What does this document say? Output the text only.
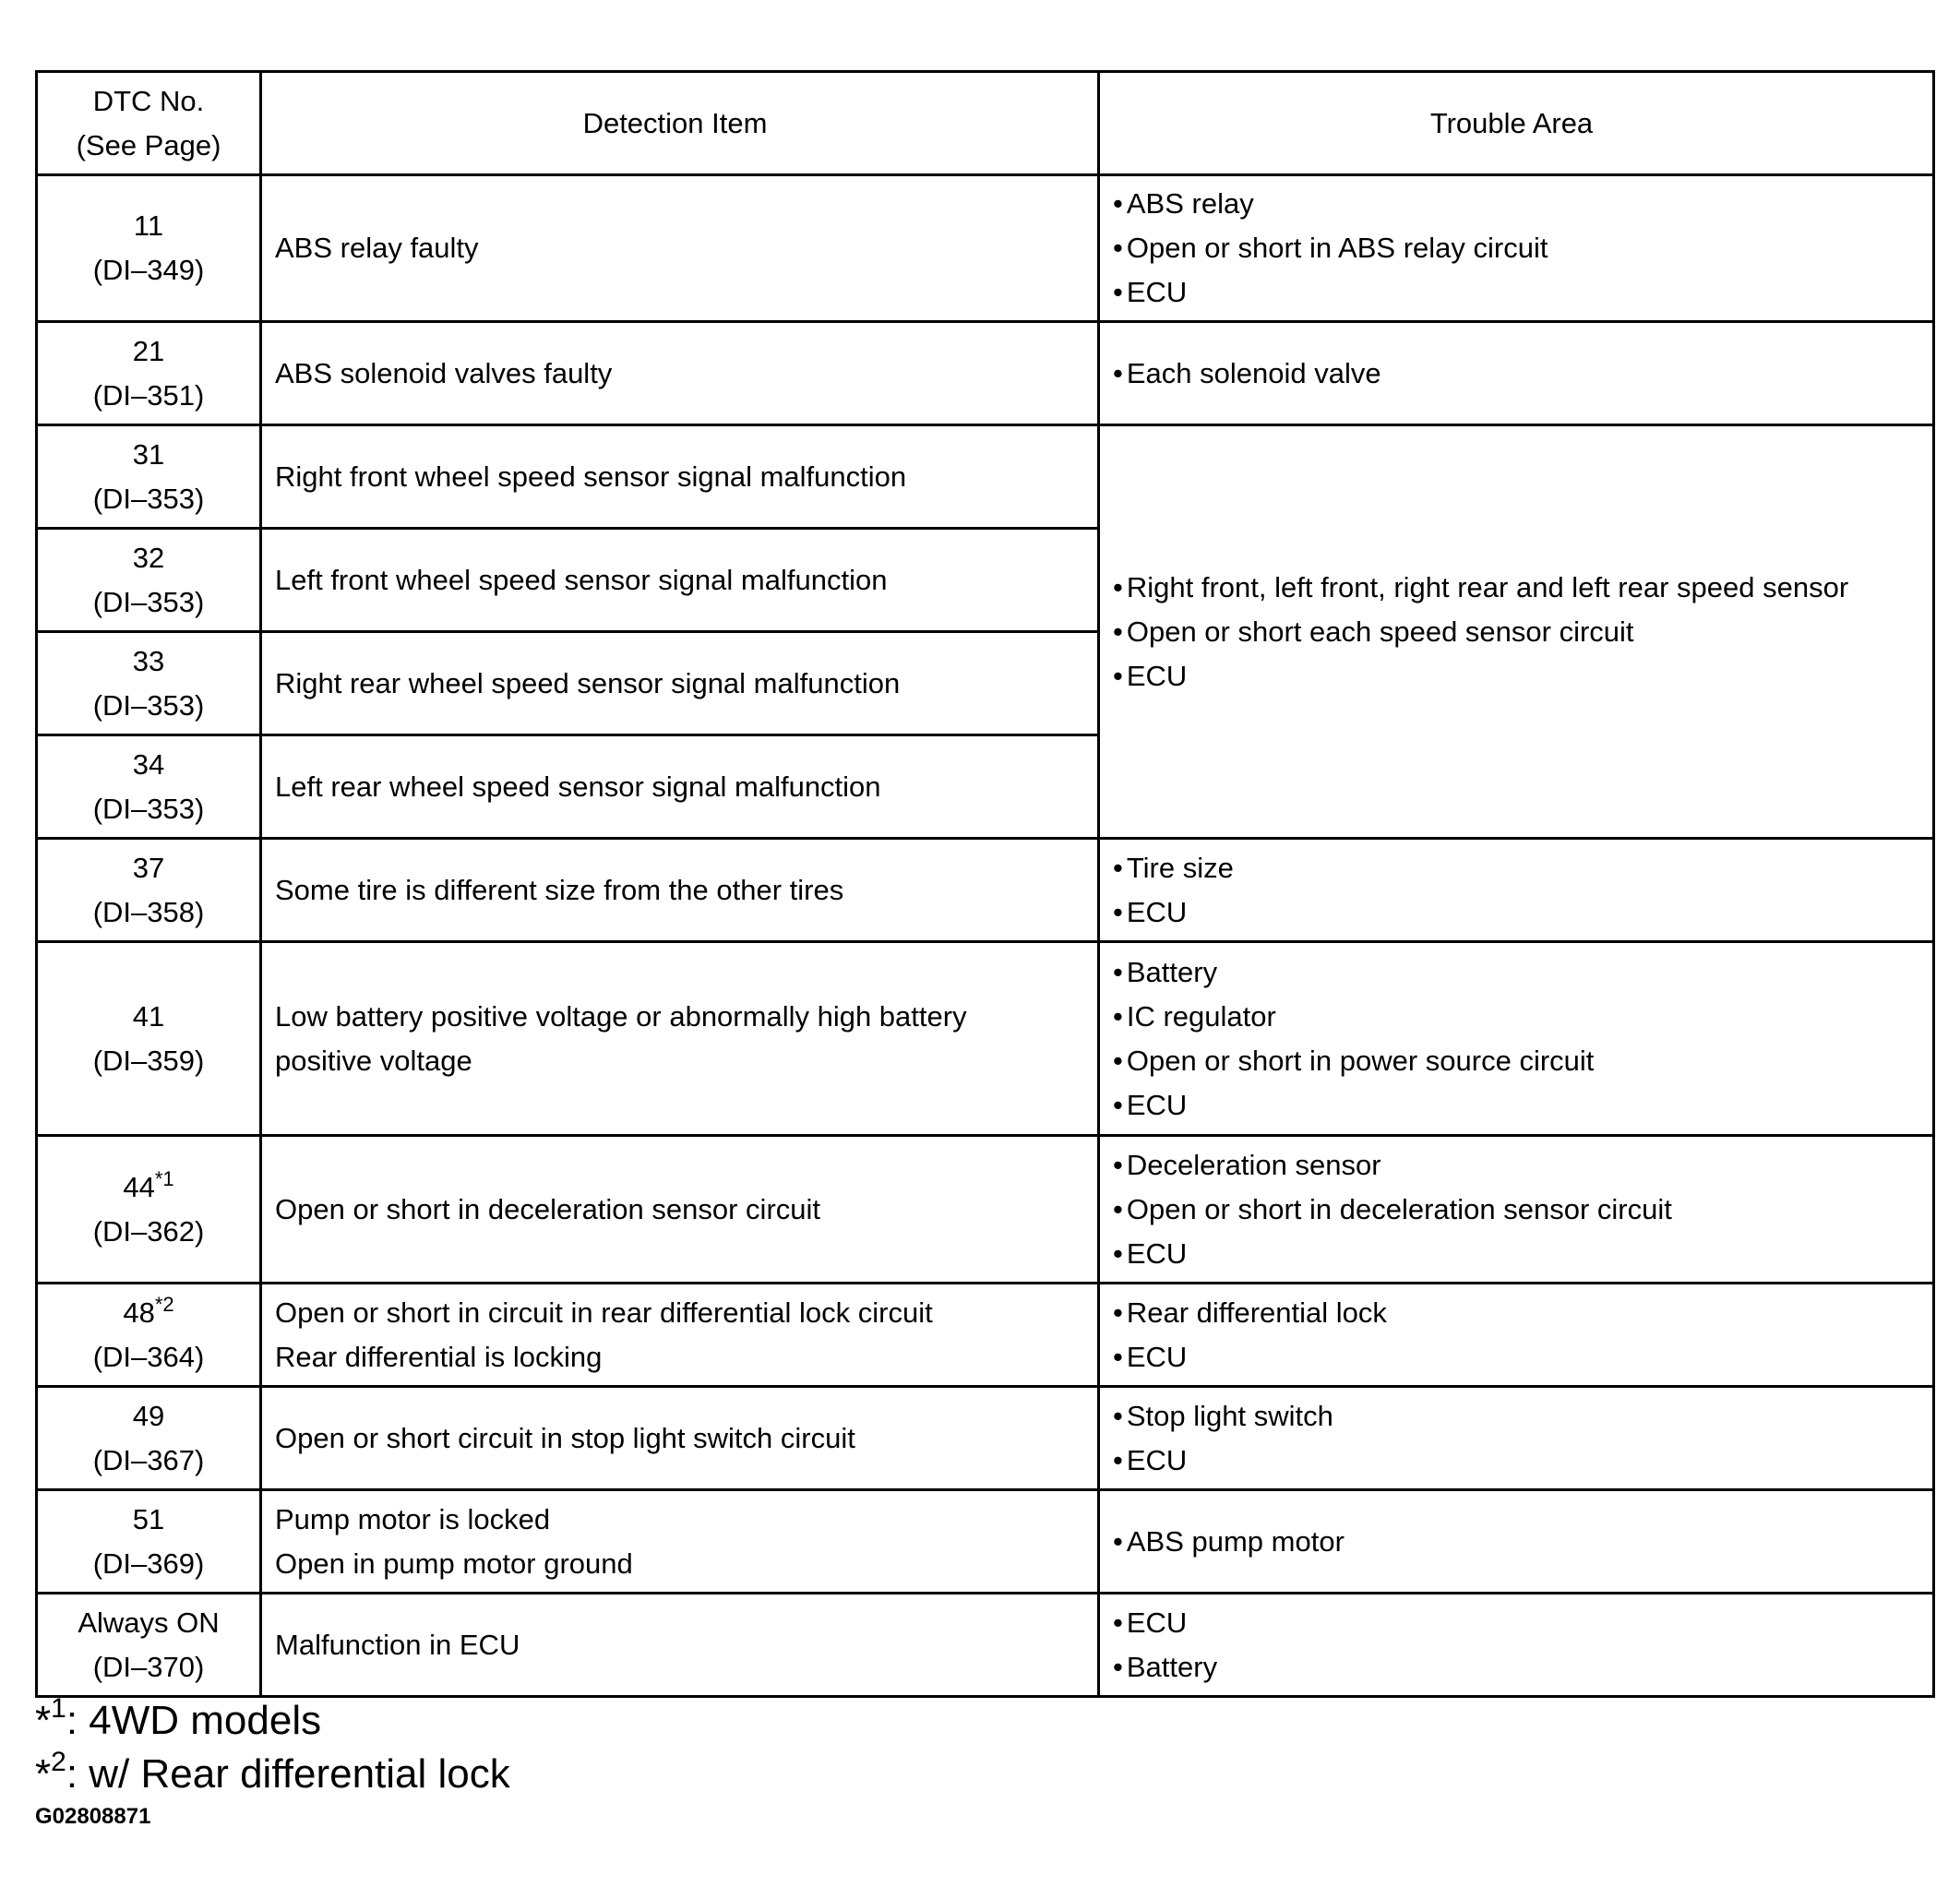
DTC No.
(See Page)	Detection Item	Trouble Area

11
(DI–349)	ABS relay faulty	• ABS relay
• Open or short in ABS relay circuit
• ECU

21
(DI–351)	ABS solenoid valves faulty	• Each solenoid valve

31
(DI–353)	Right front wheel speed sensor signal malfunction	• Right front, left front, right rear and left rear speed sensor
• Open or short each speed sensor circuit
• ECU

32
(DI–353)	Left front wheel speed sensor signal malfunction	

33
(DI–353)	Right rear wheel speed sensor signal malfunction	

34
(DI–353)	Left rear wheel speed sensor signal malfunction	

37
(DI–358)	Some tire is different size from the other tires	• Tire size
• ECU

41
(DI–359)	Low battery positive voltage or abnormally high battery
positive voltage	• Battery
• IC regulator
• Open or short in power source circuit
• ECU

44$^{*1}$
(DI–362)	Open or short in deceleration sensor circuit	• Deceleration sensor
• Open or short in deceleration sensor circuit
• ECU

48$^{*2}$
(DI–364)	Open or short in circuit in rear differential lock circuit
Rear differential is locking	• Rear differential lock
• ECU

49
(DI–367)	Open or short circuit in stop light switch circuit	• Stop light switch
• ECU

51
(DI–369)	Pump motor is locked
Open in pump motor ground	• ABS pump motor

Always ON
(DI–370)	Malfunction in ECU	• ECU
• Battery
*$^1$: 4WD models
*$^2$: w/ Rear differential lock
G02808871
